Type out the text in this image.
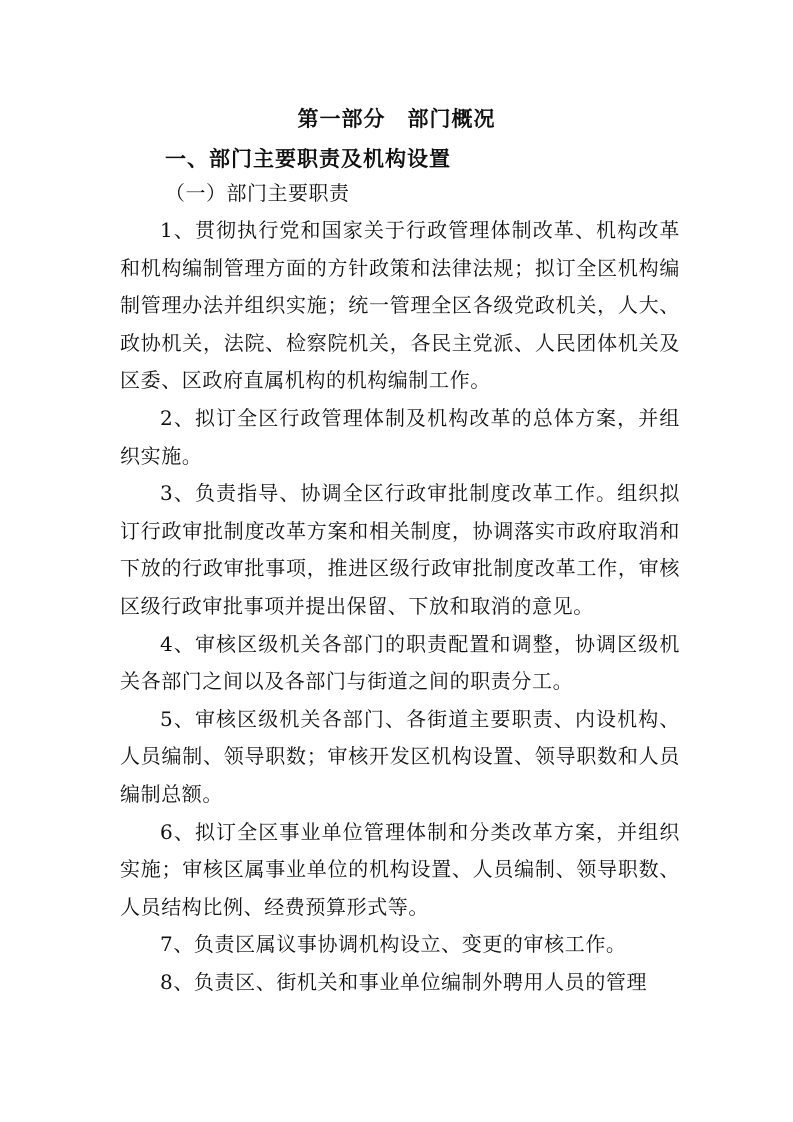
第一部分 部门概况
一、部门主要职责及机构设置
（一）部门主要职责

1、贯彻执行党和国家关于行政管理体制改革、机构改革和机构编制管理方面的方针政策和法律法规；拟订全区机构编制管理办法并组织实施；统一管理全区各级党政机关，人大、政协机关，法院、检察院机关，各民主党派、人民团体机关及区委、区政府直属机构的机构编制工作。

2、拟订全区行政管理体制及机构改革的总体方案，并组织实施。

3、负责指导、协调全区行政审批制度改革工作。组织拟订行政审批制度改革方案和相关制度，协调落实市政府取消和下放的行政审批事项，推进区级行政审批制度改革工作，审核区级行政审批事项并提出保留、下放和取消的意见。

4、审核区级机关各部门的职责配置和调整，协调区级机关各部门之间以及各部门与街道之间的职责分工。

5、审核区级机关各部门、各街道主要职责、内设机构、人员编制、领导职数；审核开发区机构设置、领导职数和人员编制总额。

6、拟订全区事业单位管理体制和分类改革方案，并组织实施；审核区属事业单位的机构设置、人员编制、领导职数、人员结构比例、经费预算形式等。

7、负责区属议事协调机构设立、变更的审核工作。

8、负责区、街机关和事业单位编制外聘用人员的管理
